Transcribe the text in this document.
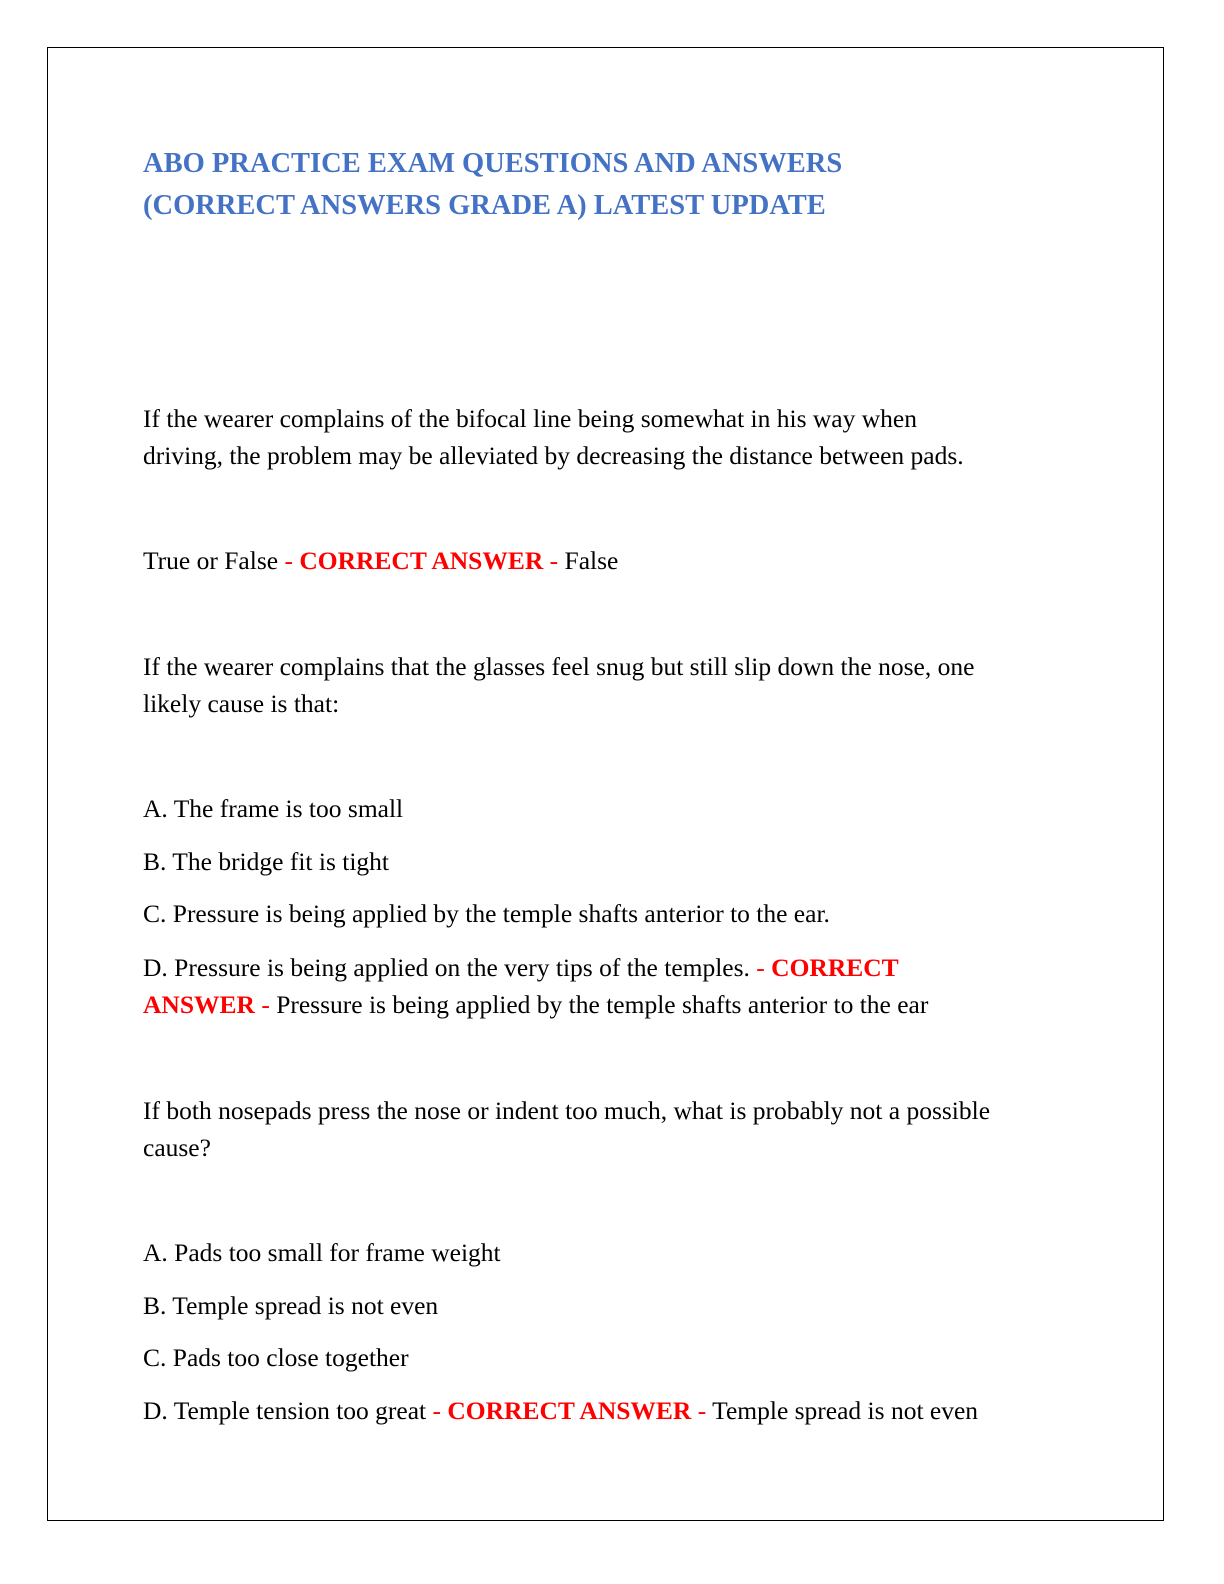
ABO PRACTICE EXAM QUESTIONS AND ANSWERS
(CORRECT ANSWERS GRADE A) LATEST UPDATE

If the wearer complains of the bifocal line being somewhat in his way when

driving, the problem may be alleviated by decreasing the distance between pads.

True or False - CORRECT ANSWER - False

If the wearer complains that the glasses feel snug but still slip down the nose, one

likely cause is that:

A. The frame is too small

B. The bridge fit is tight

C. Pressure is being applied by the temple shafts anterior to the ear.

D. Pressure is being applied on the very tips of the temples. - CORRECT

ANSWER - Pressure is being applied by the temple shafts anterior to the ear

If both nosepads press the nose or indent too much, what is probably not a possible

cause?

A. Pads too small for frame weight

B. Temple spread is not even

C. Pads too close together

D. Temple tension too great - CORRECT ANSWER - Temple spread is not even
